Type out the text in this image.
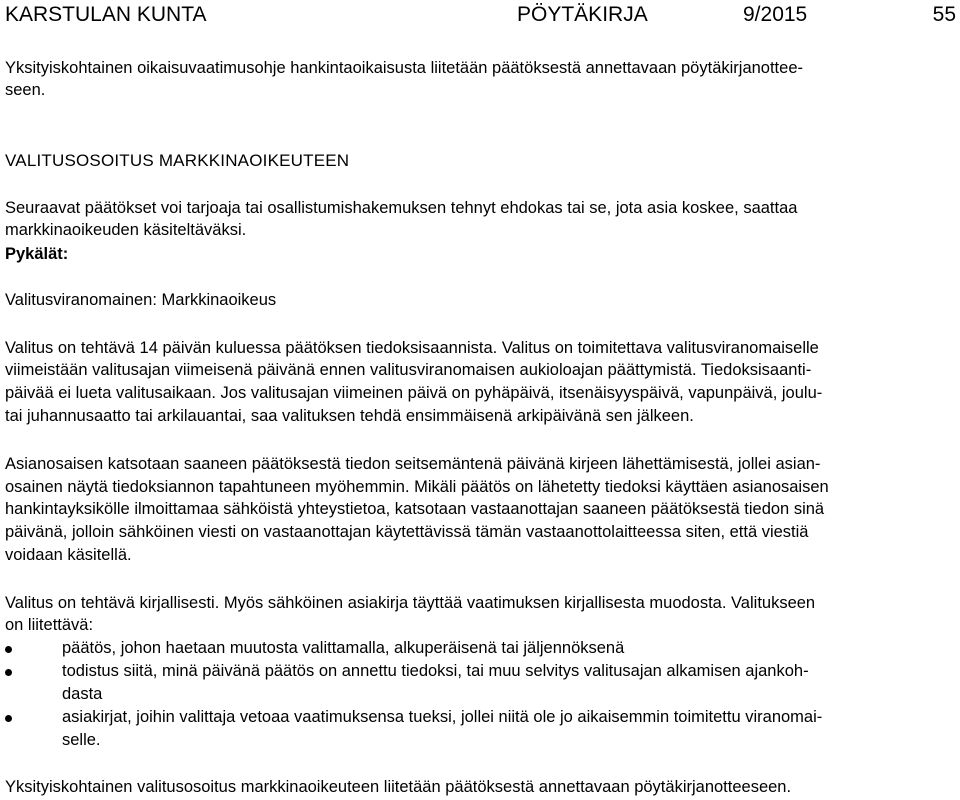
KARSTULAN KUNTA	PÖYTÄKIRJA	9/2015	55
Yksityiskohtainen oikaisuvaatimusohje hankintaoikaisusta liitetään päätöksestä annettavaan pöytäkirjanottee-
seen.
VALITUSOSOITUS MARKKINAOIKEUTEEN
Seuraavat päätökset voi tarjoaja tai osallistumishakemuksen tehnyt ehdokas tai se, jota asia koskee, saattaa
markkinaoikeuden käsiteltäväksi.
Pykälät:
Valitusviranomainen: Markkinaoikeus
Valitus on tehtävä 14 päivän kuluessa päätöksen tiedoksisaannista. Valitus on toimitettava valitusviranomaiselle
viimeistään valitusajan viimeisenä päivänä ennen valitusviranomaisen aukioloajan päättymistä. Tiedoksisaanti-
päivää ei lueta valitusaikaan. Jos valitusajan viimeinen päivä on pyhäpäivä, itsenäisyyspäivä, vapunpäivä, joulu-
tai juhannusaatto tai arkilauantai, saa valituksen tehdä ensimmäisenä arkipäivänä sen jälkeen.
Asianosaisen katsotaan saaneen päätöksestä tiedon seitsemäntenä päivänä kirjeen lähettämisestä, jollei asian-
osainen näytä tiedoksiannon tapahtuneen myöhemmin. Mikäli päätös on lähetetty tiedoksi käyttäen asianosaisen
hankintayksikölle ilmoittamaa sähköistä yhteystietoa, katsotaan vastaanottajan saaneen päätöksestä tiedon sinä
päivänä, jolloin sähköinen viesti on vastaanottajan käytettävissä tämän vastaanottolaitteessa siten, että viestiä
voidaan käsitellä.
Valitus on tehtävä kirjallisesti. Myös sähköinen asiakirja täyttää vaatimuksen kirjallisesta muodosta. Valitukseen
on liitettävä:
päätös, johon haetaan muutosta valittamalla, alkuperäisenä tai jäljennöksenä
todistus siitä, minä päivänä päätös on annettu tiedoksi, tai muu selvitys valitusajan alkamisen ajankoh-
dasta
asiakirjat, joihin valittaja vetoaa vaatimuksensa tueksi, jollei niitä ole jo aikaisemmin toimitettu viranomai-
selle.
Yksityiskohtainen valitusosoitus markkinaoikeuteen liitetään päätöksestä annettavaan pöytäkirjanotteeseen.
